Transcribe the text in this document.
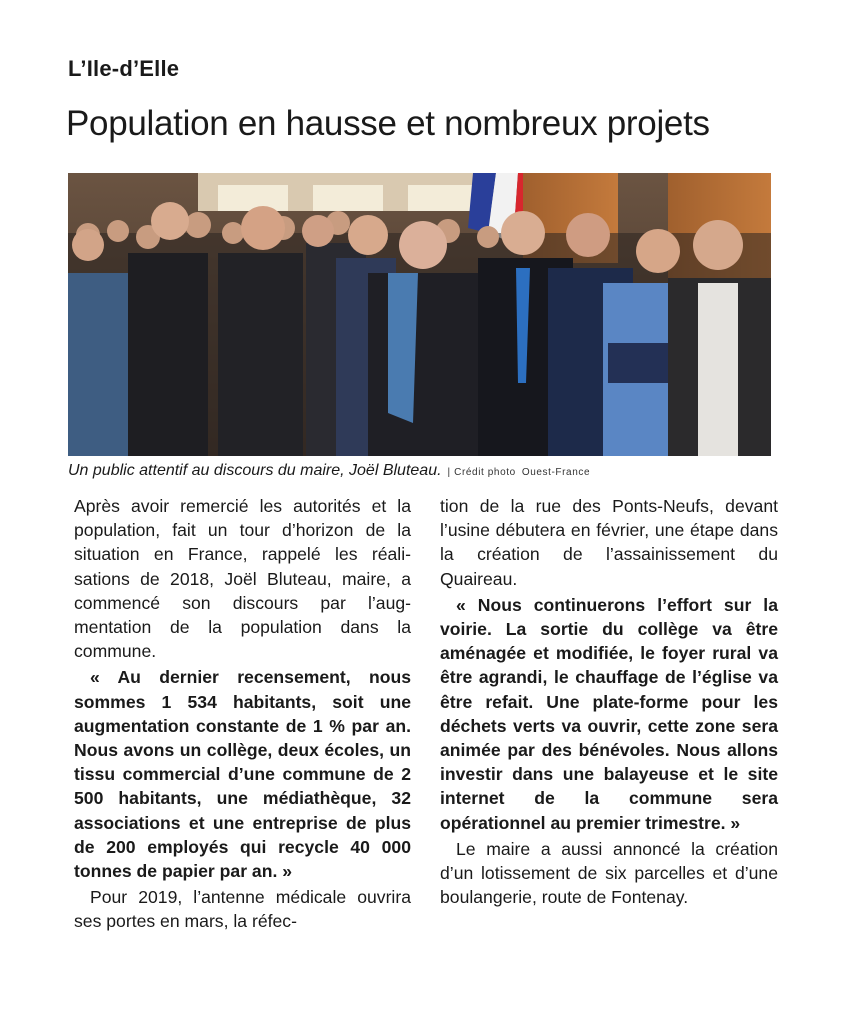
L’Ile-d’Elle
Population en hausse et nombreux projets
Un public attentif au discours du maire, Joël Bluteau. | Crédit photo Ouest-France

Après avoir remercié les autorités et la population, fait un tour d’horizon de la situation en France, rappelé les réalisations de 2018, Joël Bluteau, maire, a commencé son discours par l’augmentation de la population dans la commune.

« Au dernier recensement, nous sommes 1 534 habitants, soit une augmentation constante de 1 % par an. Nous avons un collège, deux écoles, un tissu commercial d’une commune de 2 500 habitants, une médiathèque, 32 associations et une entreprise de plus de 200 employés qui recycle 40 000 tonnes de papier par an. »

Pour 2019, l’antenne médicale ouvrira ses portes en mars, la réfec-

tion de la rue des Ponts-Neufs, devant l’usine débutera en février, une étape dans la création de l’assainissement du Quaireau.

« Nous continuerons l’effort sur la voirie. La sortie du collège va être aménagée et modifiée, le foyer rural va être agrandi, le chauffage de l’église va être refait. Une plate-forme pour les déchets verts va ouvrir, cette zone sera animée par des bénévoles. Nous allons investir dans une balayeuse et le site internet de la commune sera opérationnel au premier trimestre. »

Le maire a aussi annoncé la création d’un lotissement de six parcelles et d’une boulangerie, route de Fontenay.
